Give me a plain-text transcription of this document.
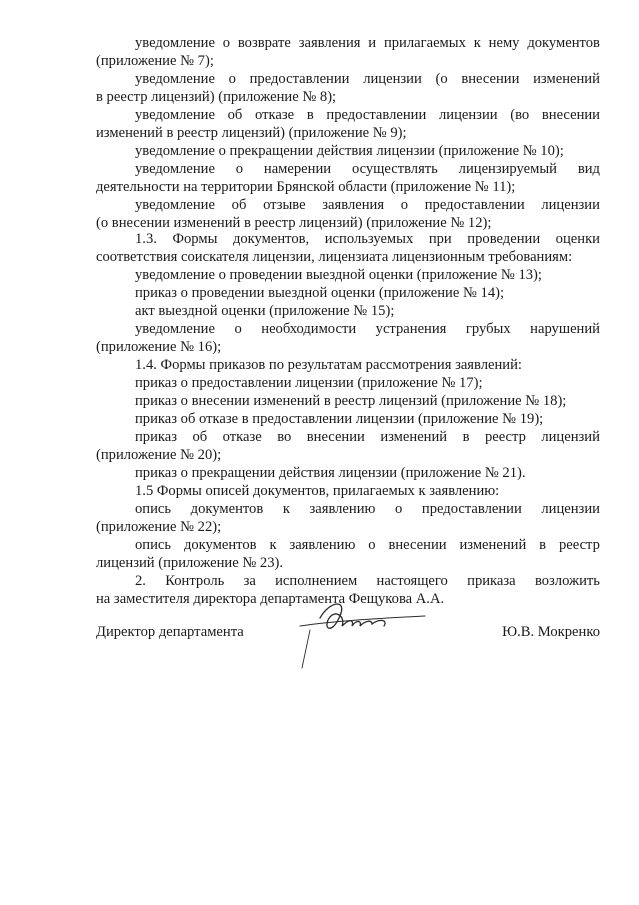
уведомление о возврате заявления и прилагаемых к нему документов
(приложение № 7);
уведомление о предоставлении лицензии (о внесении изменений
в реестр лицензий) (приложение № 8);
уведомление об отказе в предоставлении лицензии (во внесении
изменений в реестр лицензий) (приложение № 9);
уведомление о прекращении действия лицензии (приложение № 10);
уведомление о намерении осуществлять лицензируемый вид
деятельности на территории Брянской области (приложение № 11);
уведомление об отзыве заявления о предоставлении лицензии
(о внесении изменений в реестр лицензий) (приложение № 12);
1.3. Формы документов, используемых при проведении оценки
соответствия соискателя лицензии, лицензиата лицензионным требованиям:
уведомление о проведении выездной оценки (приложение № 13);
приказ о проведении выездной оценки (приложение № 14);
акт выездной оценки (приложение № 15);
уведомление о необходимости устранения грубых нарушений
(приложение № 16);
1.4. Формы приказов по результатам рассмотрения заявлений:
приказ о предоставлении лицензии (приложение № 17);
приказ о внесении изменений в реестр лицензий (приложение № 18);
приказ об отказе в предоставлении лицензии (приложение № 19);
приказ об отказе во внесении изменений в реестр лицензий
(приложение № 20);
приказ о прекращении действия лицензии (приложение № 21).
1.5 Формы описей документов, прилагаемых к заявлению:
опись документов к заявлению о предоставлении лицензии
(приложение № 22);
опись документов к заявлению о внесении изменений в реестр
лицензий (приложение № 23).
2. Контроль за исполнением настоящего приказа возложить
на заместителя директора департамента Фещукова А.А.
Директор департамента	Ю.В. Мокренко
